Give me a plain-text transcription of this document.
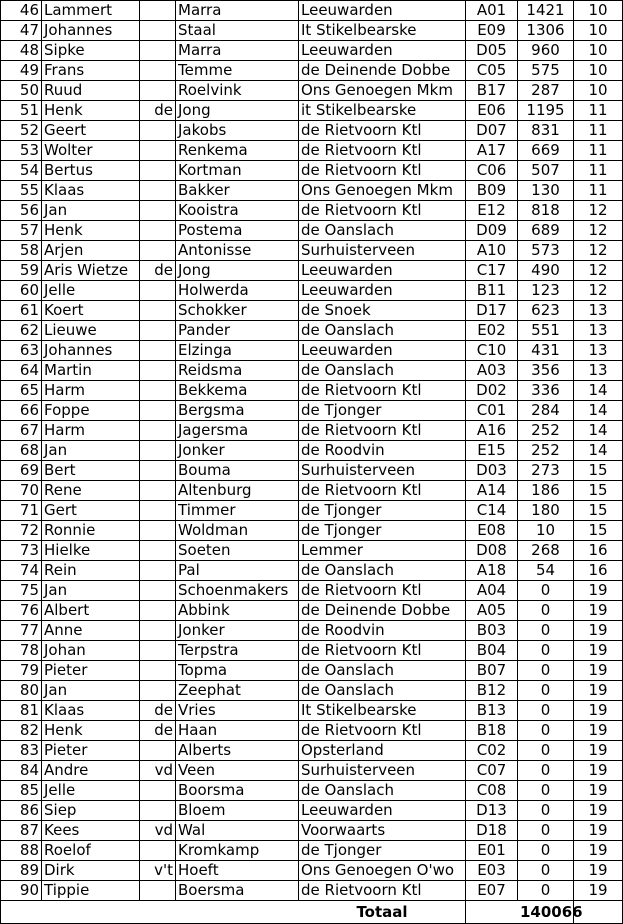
46	Lammert		Marra	Leeuwarden	A01	1421	10
47	Johannes		Staal	It Stikelbearske	E09	1306	10
48	Sipke		Marra	Leeuwarden	D05	960	10
49	Frans		Temme	de Deinende Dobbe	C05	575	10
50	Ruud		Roelvink	Ons Genoegen Mkm	B17	287	10
51	Henk	de	Jong	it Stikelbearske	E06	1195	11
52	Geert		Jakobs	de Rietvoorn Ktl	D07	831	11
53	Wolter		Renkema	de Rietvoorn Ktl	A17	669	11
54	Bertus		Kortman	de Rietvoorn Ktl	C06	507	11
55	Klaas		Bakker	Ons Genoegen Mkm	B09	130	11
56	Jan		Kooistra	de Rietvoorn Ktl	E12	818	12
57	Henk		Postema	de Oanslach	D09	689	12
58	Arjen		Antonisse	Surhuisterveen	A10	573	12
59	Aris Wietze	de	Jong	Leeuwarden	C17	490	12
60	Jelle		Holwerda	Leeuwarden	B11	123	12
61	Koert		Schokker	de Snoek	D17	623	13
62	Lieuwe		Pander	de Oanslach	E02	551	13
63	Johannes		Elzinga	Leeuwarden	C10	431	13
64	Martin		Reidsma	de Oanslach	A03	356	13
65	Harm		Bekkema	de Rietvoorn Ktl	D02	336	14
66	Foppe		Bergsma	de Tjonger	C01	284	14
67	Harm		Jagersma	de Rietvoorn Ktl	A16	252	14
68	Jan		Jonker	de Roodvin	E15	252	14
69	Bert		Bouma	Surhuisterveen	D03	273	15
70	Rene		Altenburg	de Rietvoorn Ktl	A14	186	15
71	Gert		Timmer	de Tjonger	C14	180	15
72	Ronnie		Woldman	de Tjonger	E08	10	15
73	Hielke		Soeten	Lemmer	D08	268	16
74	Rein		Pal	de Oanslach	A18	54	16
75	Jan		Schoenmakers	de Rietvoorn Ktl	A04	0	19
76	Albert		Abbink	de Deinende Dobbe	A05	0	19
77	Anne		Jonker	de Roodvin	B03	0	19
78	Johan		Terpstra	de Rietvoorn Ktl	B04	0	19
79	Pieter		Topma	de Oanslach	B07	0	19
80	Jan		Zeephat	de Oanslach	B12	0	19
81	Klaas	de	Vries	It Stikelbearske	B13	0	19
82	Henk	de	Haan	de Rietvoorn Ktl	B18	0	19
83	Pieter		Alberts	Opsterland	C02	0	19
84	Andre	vd	Veen	Surhuisterveen	C07	0	19
85	Jelle		Boorsma	de Oanslach	C08	0	19
86	Siep		Bloem	Leeuwarden	D13	0	19
87	Kees	vd	Wal	Voorwaarts	D18	0	19
88	Roelof		Kromkamp	de Tjonger	E01	0	19
89	Dirk	v't	Hoeft	Ons Genoegen O'wo	E03	0	19
90	Tippie		Boersma	de Rietvoorn Ktl	E07	0	19
				Totaal		140066	
